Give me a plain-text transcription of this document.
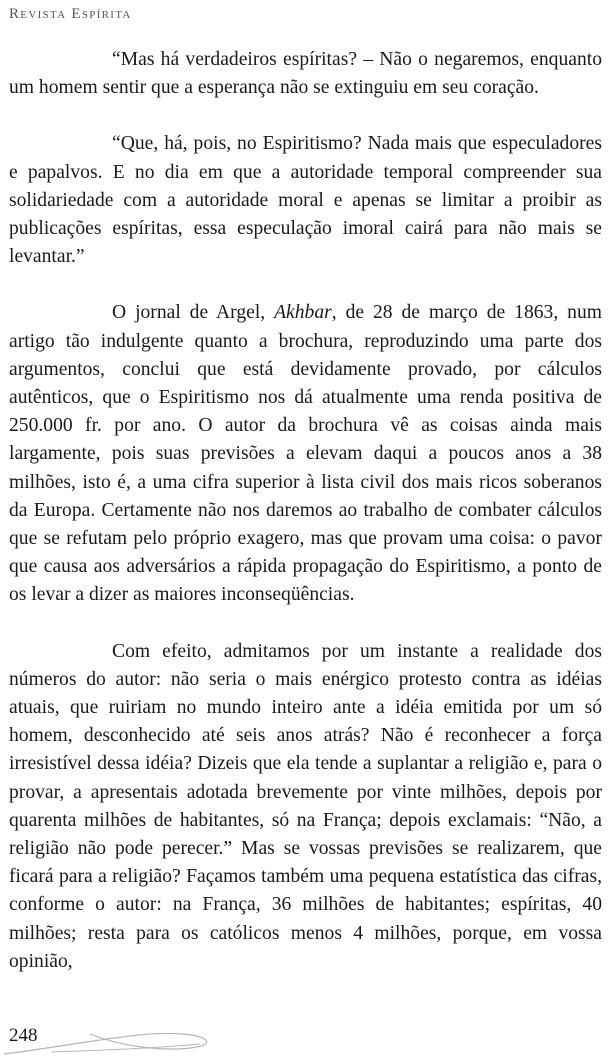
Revista Espírita

“Mas há verdadeiros espíritas? – Não o negaremos, enquanto um homem sentir que a esperança não se extinguiu em seu coração.

“Que, há, pois, no Espiritismo? Nada mais que especuladores e papalvos. E no dia em que a autoridade temporal compreender sua solidariedade com a autoridade moral e apenas se limitar a proibir as publicações espíritas, essa especulação imoral cairá para não mais se levantar.”

O jornal de Argel, Akhbar, de 28 de março de 1863, num artigo tão indulgente quanto a brochura, reproduzindo uma parte dos argumentos, conclui que está devidamente provado, por cálculos autênticos, que o Espiritismo nos dá atualmente uma renda positiva de 250.000 fr. por ano. O autor da brochura vê as coisas ainda mais largamente, pois suas previsões a elevam daqui a poucos anos a 38 milhões, isto é, a uma cifra superior à lista civil dos mais ricos soberanos da Europa. Certamente não nos daremos ao trabalho de combater cálculos que se refutam pelo próprio exagero, mas que provam uma coisa: o pavor que causa aos adversários a rápida propagação do Espiritismo, a ponto de os levar a dizer as maiores inconseqüências.

Com efeito, admitamos por um instante a realidade dos números do autor: não seria o mais enérgico protesto contra as idéias atuais, que ruiriam no mundo inteiro ante a idéia emitida por um só homem, desconhecido até seis anos atrás? Não é reconhecer a força irresistível dessa idéia? Dizeis que ela tende a suplantar a religião e, para o provar, a apresentais adotada brevemente por vinte milhões, depois por quarenta milhões de habitantes, só na França; depois exclamais: “Não, a religião não pode perecer.” Mas se vossas previsões se realizarem, que ficará para a religião? Façamos também uma pequena estatística das cifras, conforme o autor: na França, 36 milhões de habitantes; espíritas, 40 milhões; resta para os católicos menos 4 milhões, porque, em vossa opinião,

248
